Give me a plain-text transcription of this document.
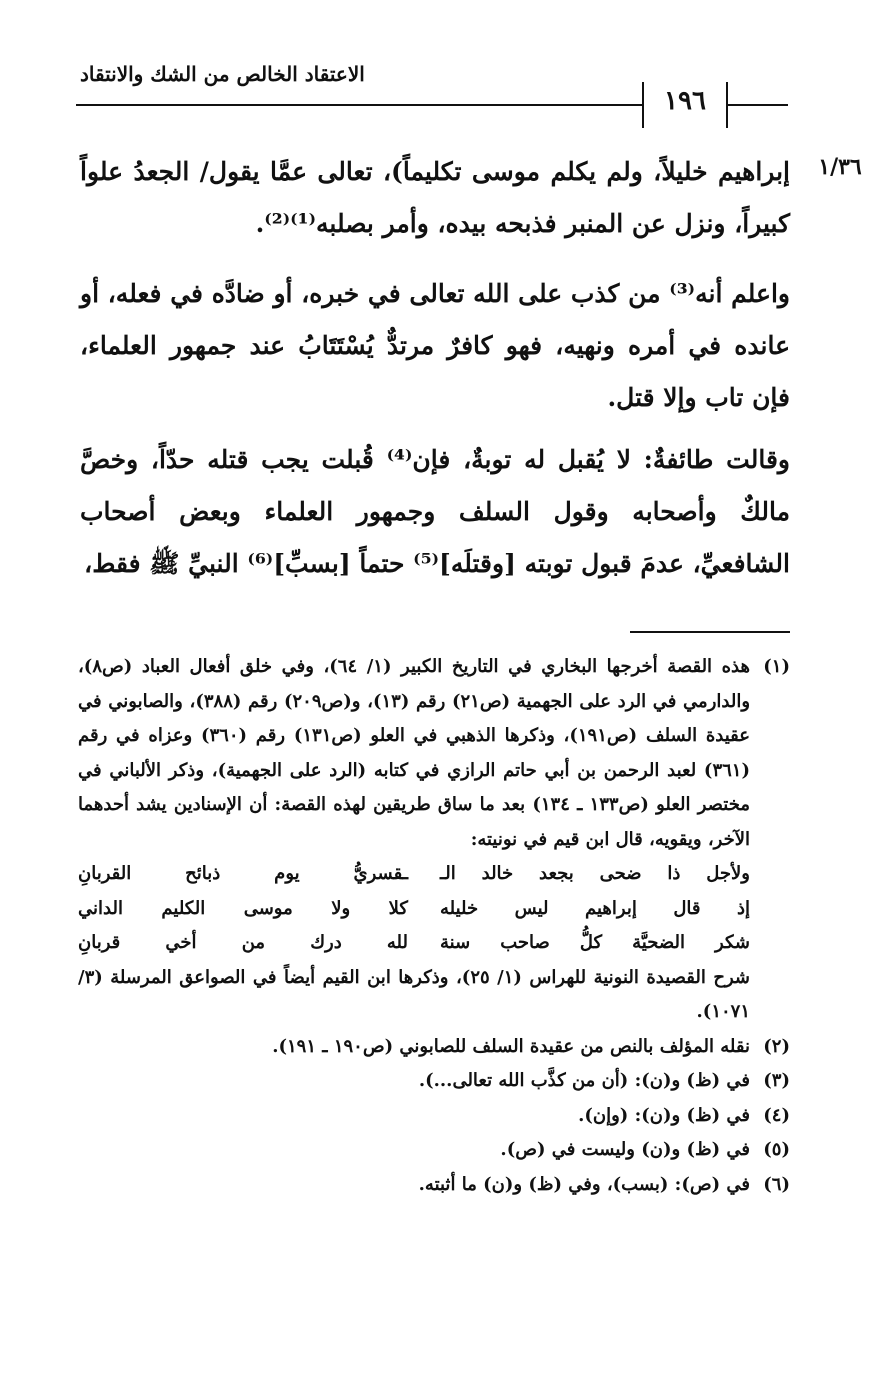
الاعتقاد الخالص من الشك والانتقاد
١٩٦
١/٣٦

إبراهيم خليلاً، ولم يكلم موسى تكليماً)، تعالى عمَّا يقول/ الجعدُ علواً كبيراً، ونزل عن المنبر فذبحه بيده، وأمر بصلبه⁽¹⁾⁽²⁾.

واعلم أنه⁽³⁾ من كذب على الله تعالى في خبره، أو ضادَّه في فعله، أو عانده في أمره ونهيه، فهو كافرٌ مرتدٌّ يُسْتَتَابُ عند جمهور العلماء، فإن تاب وإلا قتل.

وقالت طائفةٌ: لا يُقبل له توبةٌ، فإن⁽⁴⁾ قُبلت يجب قتله حدّاً، وخصَّ مالكٌ وأصحابه وقول السلف وجمهور العلماء وبعض أصحاب الشافعيِّ، عدمَ قبول توبته [وقتلَه]⁽⁵⁾ حتماً [بسبِّ]⁽⁶⁾ النبيِّ ﷺ فقط،

(١)

هذه القصة أخرجها البخاري في التاريخ الكبير (١/ ٦٤)، وفي خلق أفعال العباد (ص٨)، والدارمي في الرد على الجهمية (ص٢١) رقم (١٣)، و(ص٢٠٩) رقم (٣٨٨)، والصابوني في عقيدة السلف (ص١٩١)، وذكرها الذهبي في العلو (ص١٣١) رقم (٣٦٠) وعزاه في رقم (٣٦١) لعبد الرحمن بن أبي حاتم الرازي في كتابه (الرد على الجهمية)، وذكر الألباني في مختصر العلو (ص١٣٣ ـ ١٣٤) بعد ما ساق طريقين لهذه القصة: أن الإسنادين يشد أحدهما الآخر، ويقويه، قال ابن قيم في نونيته:

ولأجل ذا ضحى بجعد خالد الـ
ـقسريُّ يوم ذبائح القربانِ
إذ قال إبراهيم ليس خليله
كلا ولا موسى الكليم الداني
شكر الضحيَّة كلُّ صاحب سنة
لله درك من أخي قربانِ

شرح القصيدة النونية للهراس (١/ ٢٥)، وذكرها ابن القيم أيضاً في الصواعق المرسلة (٣/ ١٠٧١).

(٢)
نقله المؤلف بالنص من عقيدة السلف للصابوني (ص١٩٠ ـ ١٩١).
(٣)
في (ظ) و(ن): (أن من كذَّب الله تعالى...).
(٤)
في (ظ) و(ن): (وإن).
(٥)
في (ظ) و(ن) وليست في (ص).
(٦)
في (ص): (بسب)، وفي (ظ) و(ن) ما أثبته.
